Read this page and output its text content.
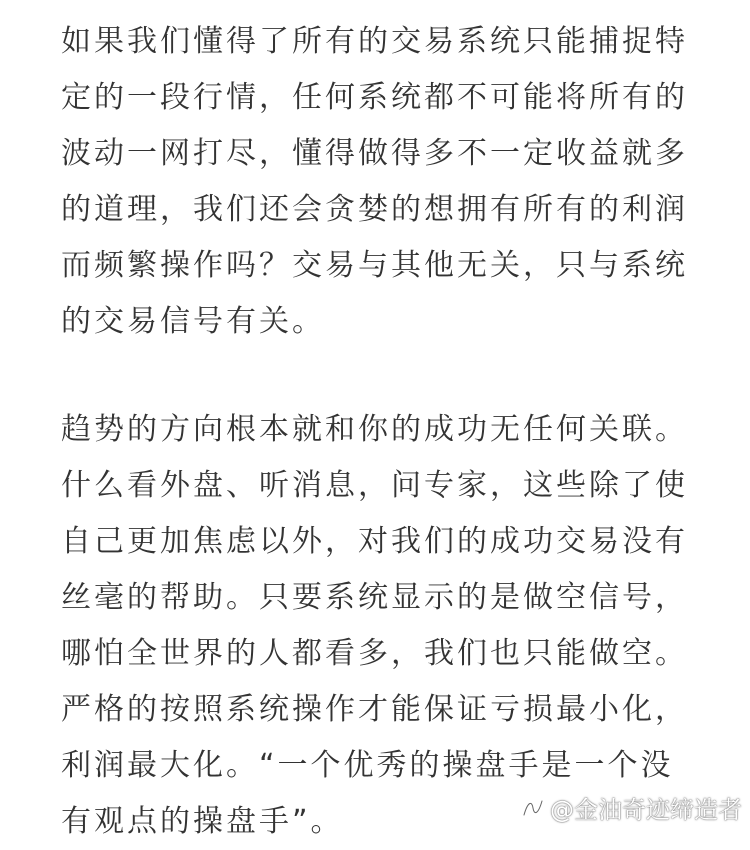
如果我们懂得了所有的交易系统只能捕捉特
定的一段行情，任何系统都不可能将所有的
波动一网打尽，懂得做得多不一定收益就多
的道理，我们还会贪婪的想拥有所有的利润
而频繁操作吗？交易与其他无关，只与系统
的交易信号有关。

趋势的方向根本就和你的成功无任何关联。
什么看外盘、听消息，问专家，这些除了使
自己更加焦虑以外，对我们的成功交易没有
丝毫的帮助。只要系统显示的是做空信号，
哪怕全世界的人都看多，我们也只能做空。
严格的按照系统操作才能保证亏损最小化，
利润最大化。“一个优秀的操盘手是一个没
有观点的操盘手”。	@金油奇迹缔造者
